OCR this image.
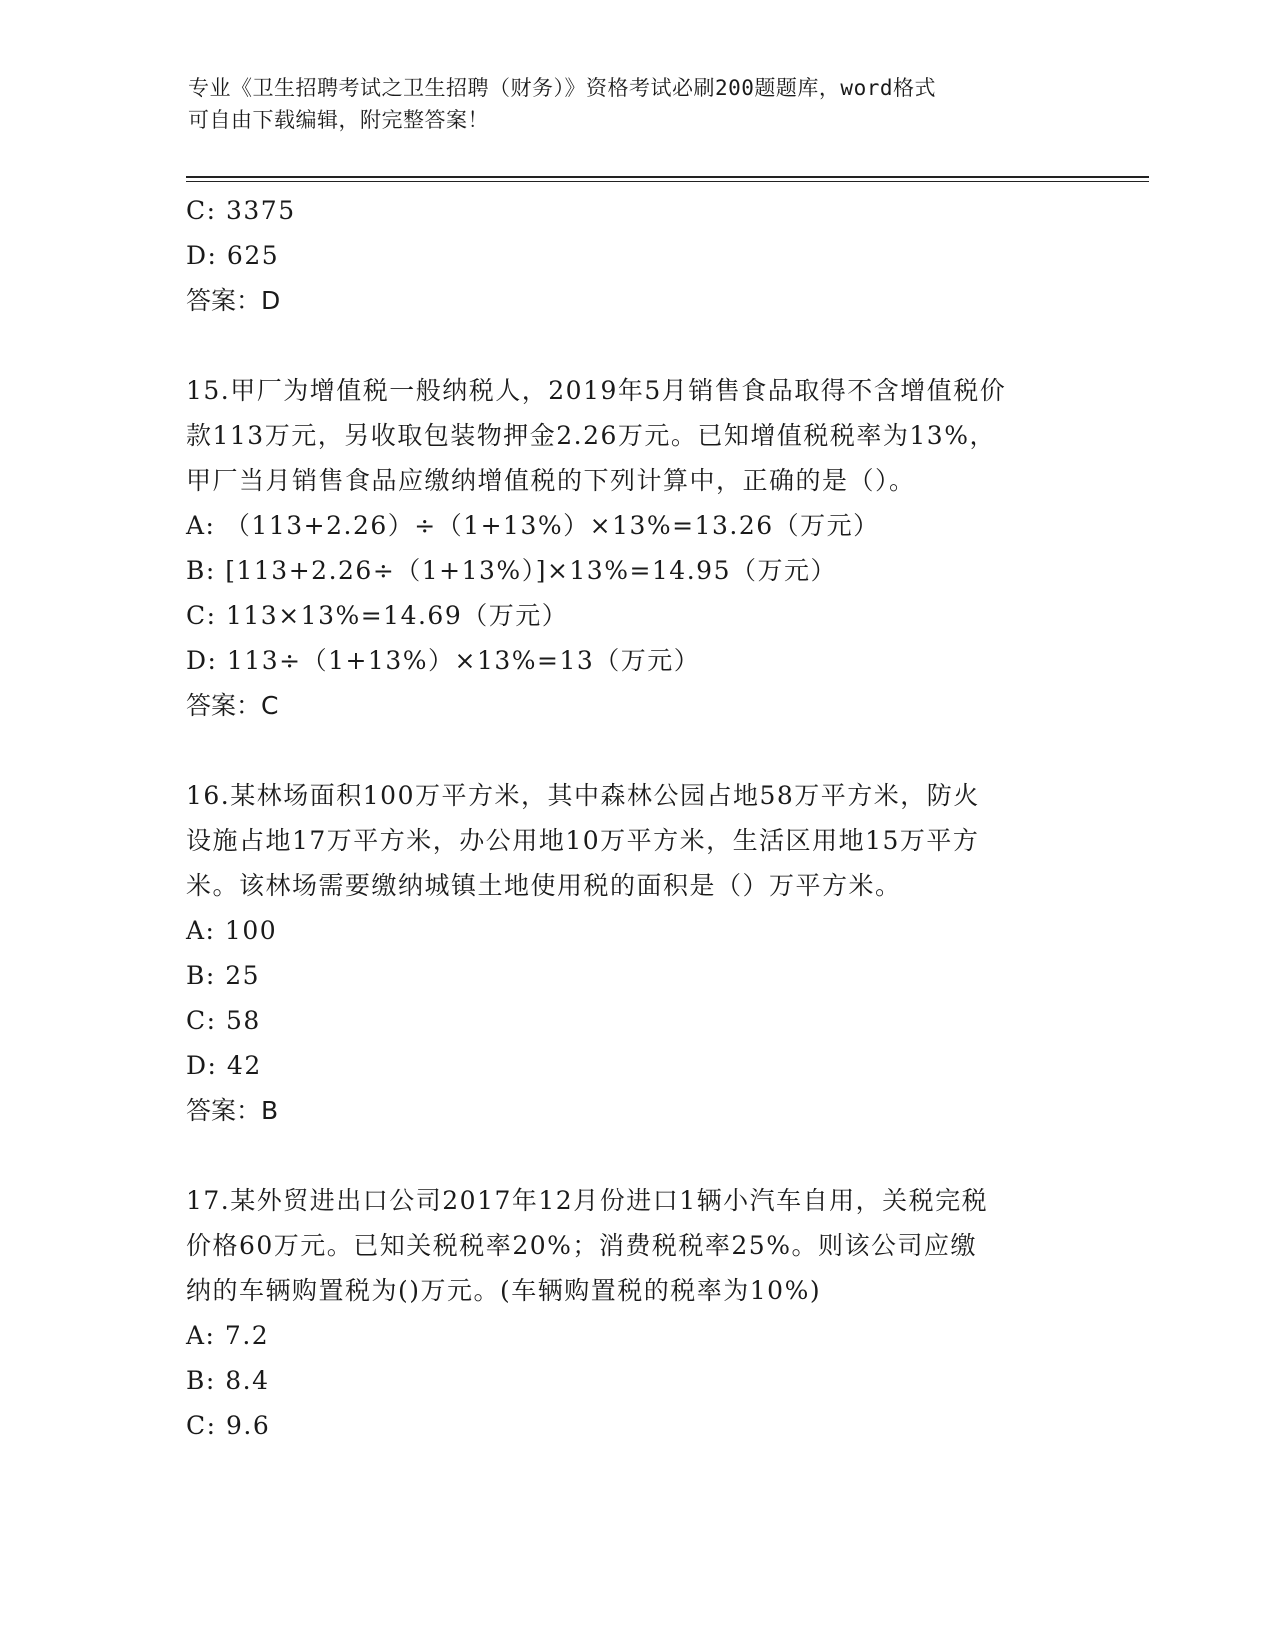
专业《卫生招聘考试之卫生招聘（财务）》资格考试必刷200题题库，word格式
可自由下载编辑，附完整答案！
C: 3375
D: 625
答案：D
15.甲厂为增值税一般纳税人，2019年5月销售食品取得不含增值税价
款113万元，另收取包装物押金2.26万元。已知增值税税率为13%，
甲厂当月销售食品应缴纳增值税的下列计算中，正确的是（）。
A: （113+2.26）÷（1+13%）×13%=13.26（万元）
B: [113+2.26÷（1+13%）]×13%=14.95（万元）
C: 113×13%=14.69（万元）
D: 113÷（1+13%）×13%=13（万元）
答案：C
16.某林场面积100万平方米，其中森林公园占地58万平方米，防火
设施占地17万平方米，办公用地10万平方米，生活区用地15万平方
米。该林场需要缴纳城镇土地使用税的面积是（）万平方米。
A: 100
B: 25
C: 58
D: 42
答案：B
17.某外贸进出口公司2017年12月份进口1辆小汽车自用，关税完税
价格60万元。已知关税税率20%；消费税税率25%。则该公司应缴
纳的车辆购置税为()万元。(车辆购置税的税率为10%)
A: 7.2
B: 8.4
C: 9.6
